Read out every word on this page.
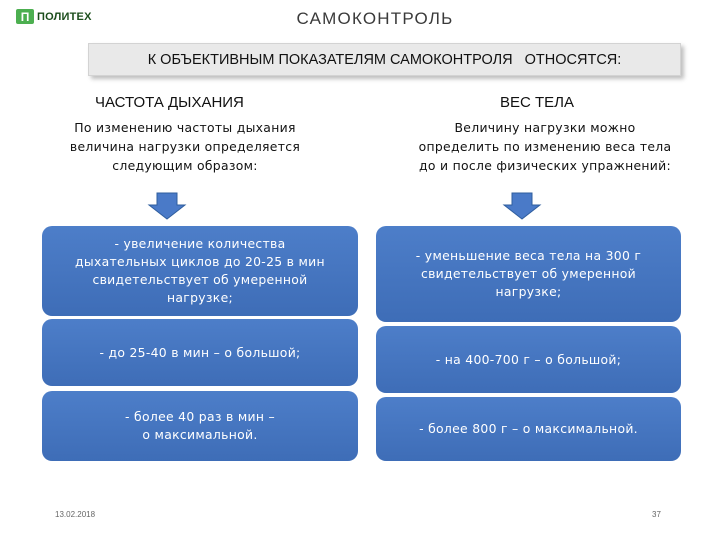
П ПОЛИТЕХ	САМОКОНТРОЛЬ
К ОБЪЕКТИВНЫМ ПОКАЗАТЕЛЯМ САМОКОНТРОЛЯ   ОТНОСЯТСЯ:
ЧАСТОТА ДЫХАНИЯ
По изменению частоты дыхания
величина нагрузки определяется
следующим образом:
- увеличение количества
дыхательных циклов до 20-25 в мин
свидетельствует об умеренной
нагрузке;
- до 25-40 в мин – о большой;
- более 40 раз в мин –
о максимальной.
ВЕС ТЕЛА
Величину нагрузки можно
определить по изменению веса тела
до и после физических упражнений:
- уменьшение веса тела на 300 г
свидетельствует об умеренной
нагрузке;
- на 400-700 г – о большой;
- более 800 г – о максимальной.
13.02.2018	37
